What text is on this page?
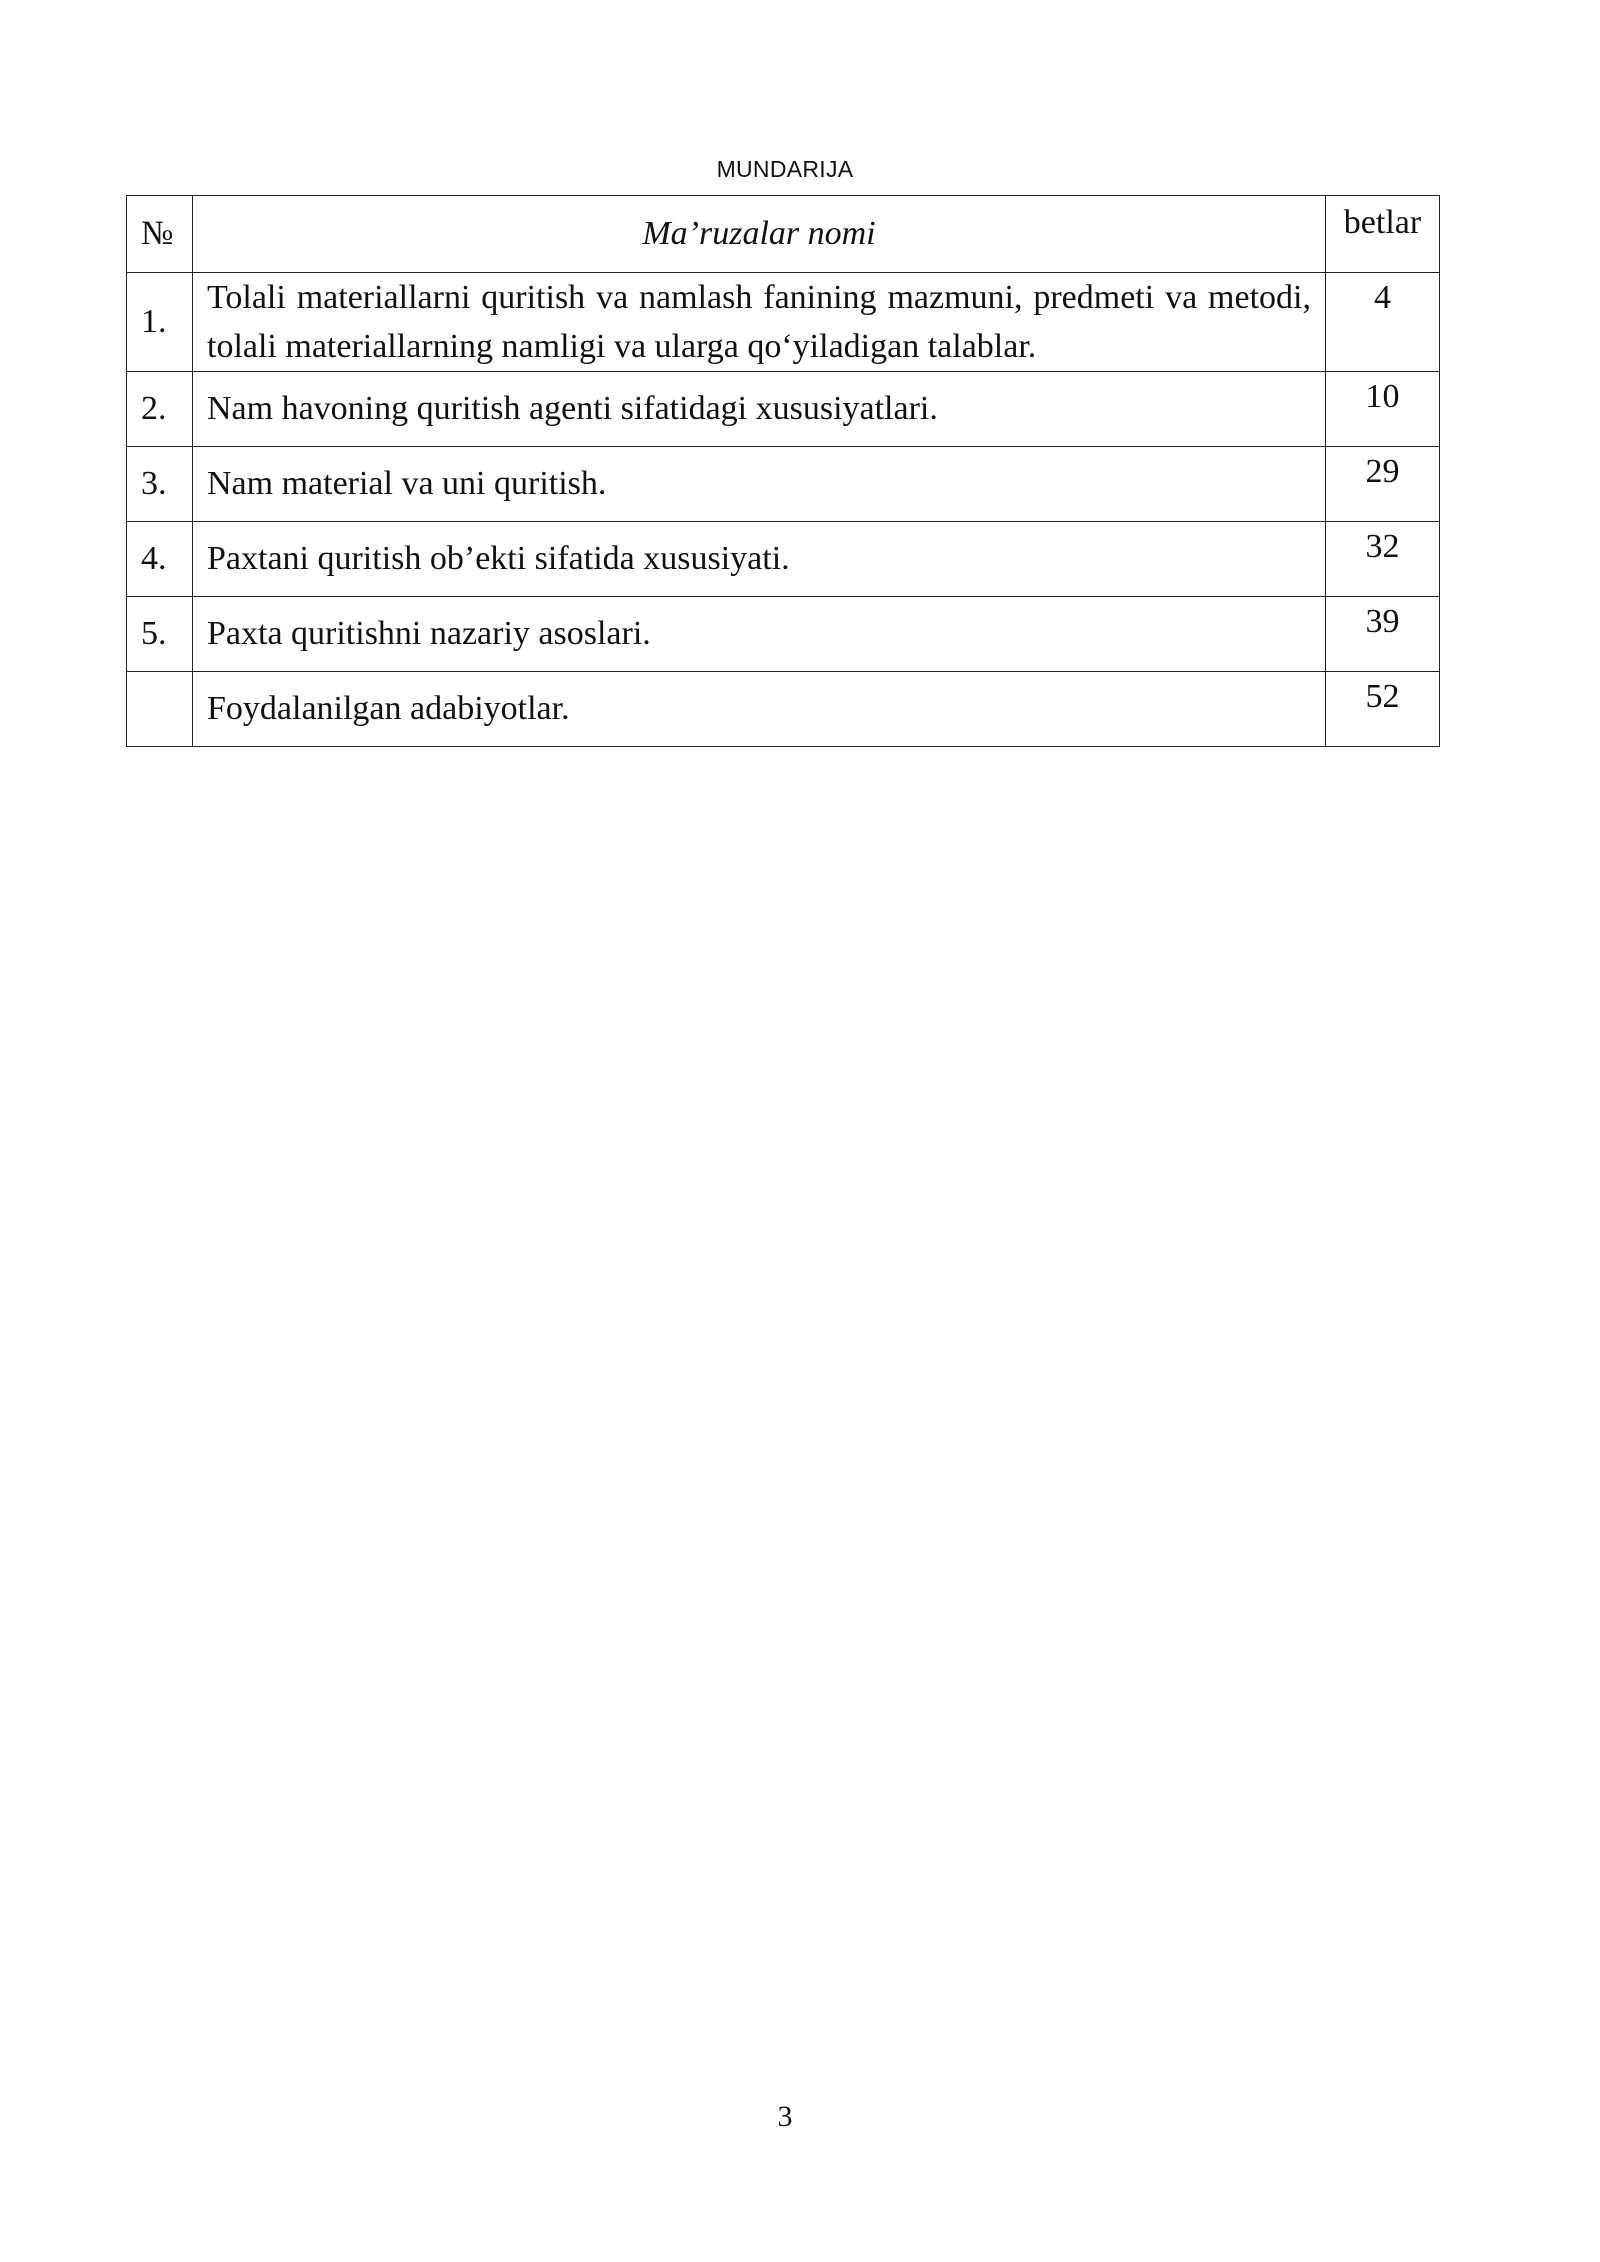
MUNDARIJA
№	Ma’ruzalar nomi	betlar
1.	Tolali materiallarni quritish va namlash fanining mazmuni, predmeti va metodi, tolali materiallarning namligi va ularga qo‘yiladigan talablar.	4
2.	Nam havoning quritish agenti sifatidagi xususiyatlari.	10
3.	Nam material va uni quritish.	29
4.	Paxtani quritish ob’ekti sifatida xususiyati.	32
5.	Paxta quritishni nazariy asoslari.	39
	Foydalanilgan adabiyotlar.	52
3
